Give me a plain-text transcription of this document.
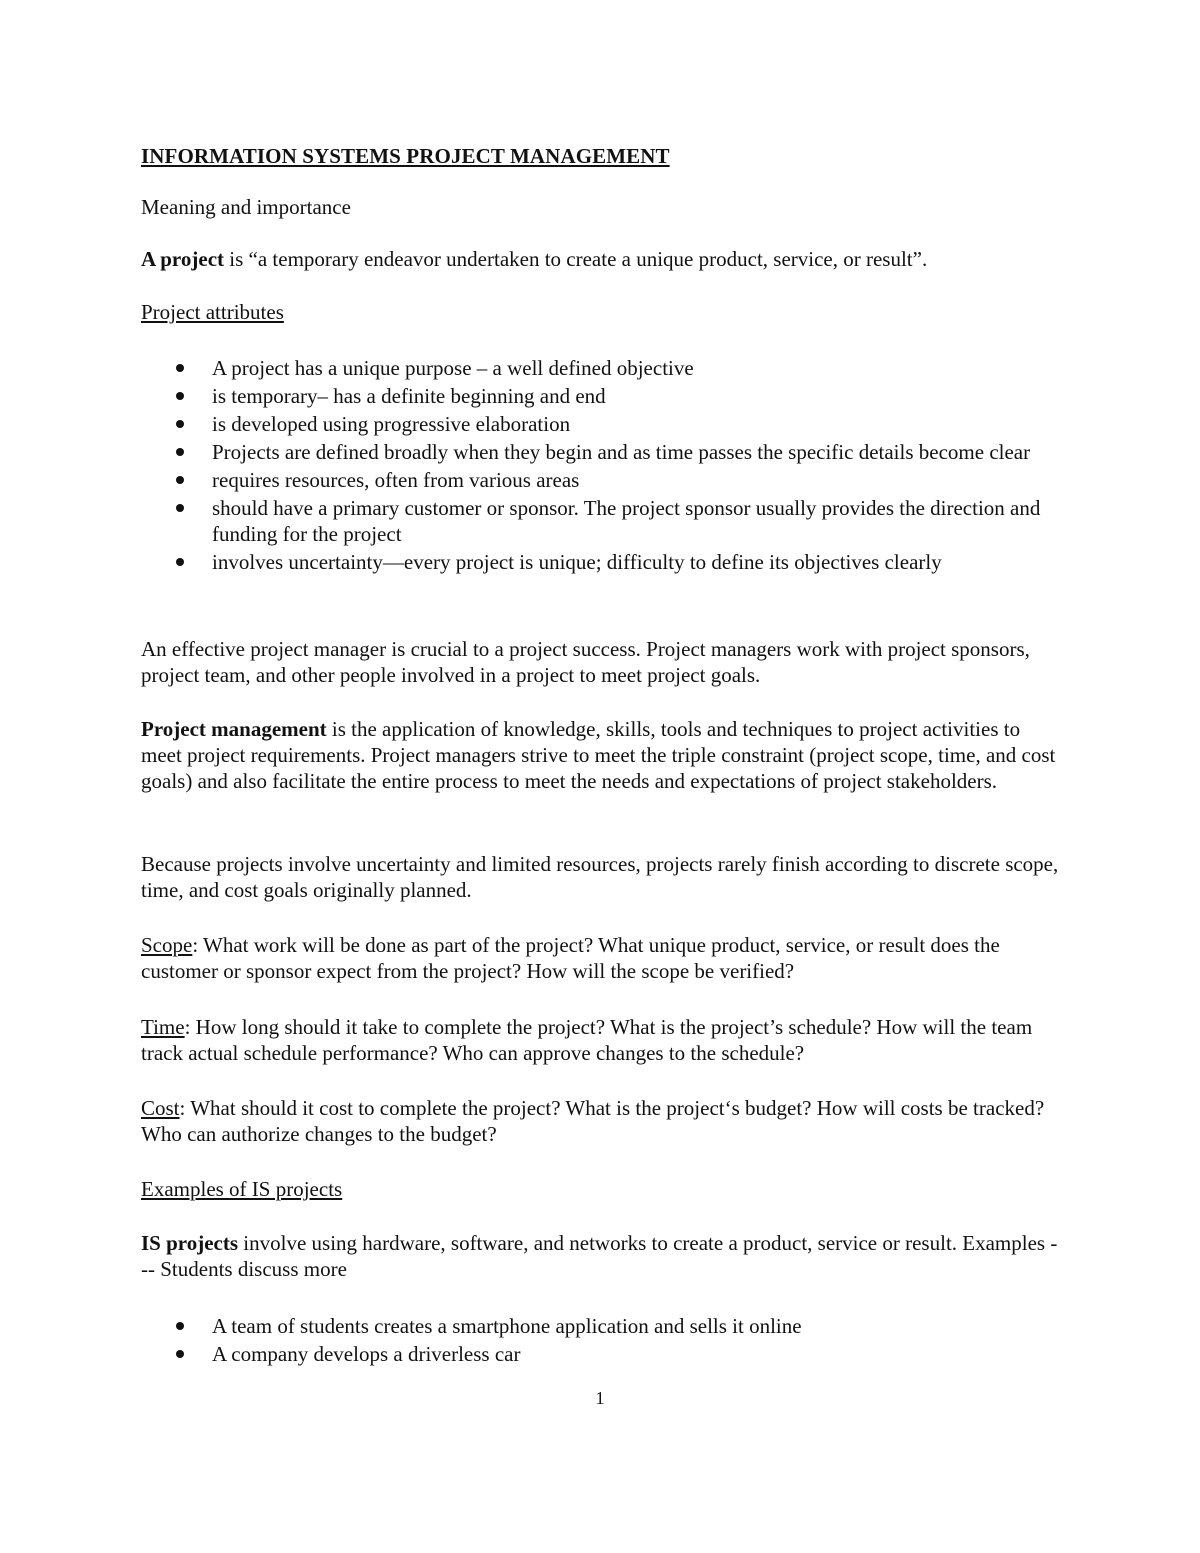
INFORMATION SYSTEMS PROJECT MANAGEMENT

Meaning and importance

A project is “a temporary endeavor undertaken to create a unique product, service, or result”.

Project attributes

A project has a unique purpose – a well defined objective
is temporary– has a definite beginning and end
is developed using progressive elaboration
Projects are defined broadly when they begin and as time passes the specific details become clear
requires resources, often from various areas
should have a primary customer or sponsor. The project sponsor usually provides the direction and funding for the project
involves uncertainty—every project is unique; difficulty to define its objectives clearly

An effective project manager is crucial to a project success. Project managers work with project sponsors, project team, and other people involved in a project to meet project goals.

Project management is the application of knowledge, skills, tools and techniques to project activities to meet project requirements. Project managers strive to meet the triple constraint (project scope, time, and cost goals) and also facilitate the entire process to meet the needs and expectations of project stakeholders.

Because projects involve uncertainty and limited resources, projects rarely finish according to discrete scope, time, and cost goals originally planned.

Scope: What work will be done as part of the project? What unique product, service, or result does the customer or sponsor expect from the project? How will the scope be verified?

Time: How long should it take to complete the project? What is the project’s schedule? How will the team track actual schedule performance? Who can approve changes to the schedule?

Cost: What should it cost to complete the project? What is the project‘s budget? How will costs be tracked? Who can authorize changes to the budget?

Examples of IS projects

IS projects involve using hardware, software, and networks to create a product, service or result. Examples --- Students discuss more

A team of students creates a smartphone application and sells it online
A company develops a driverless car
1
